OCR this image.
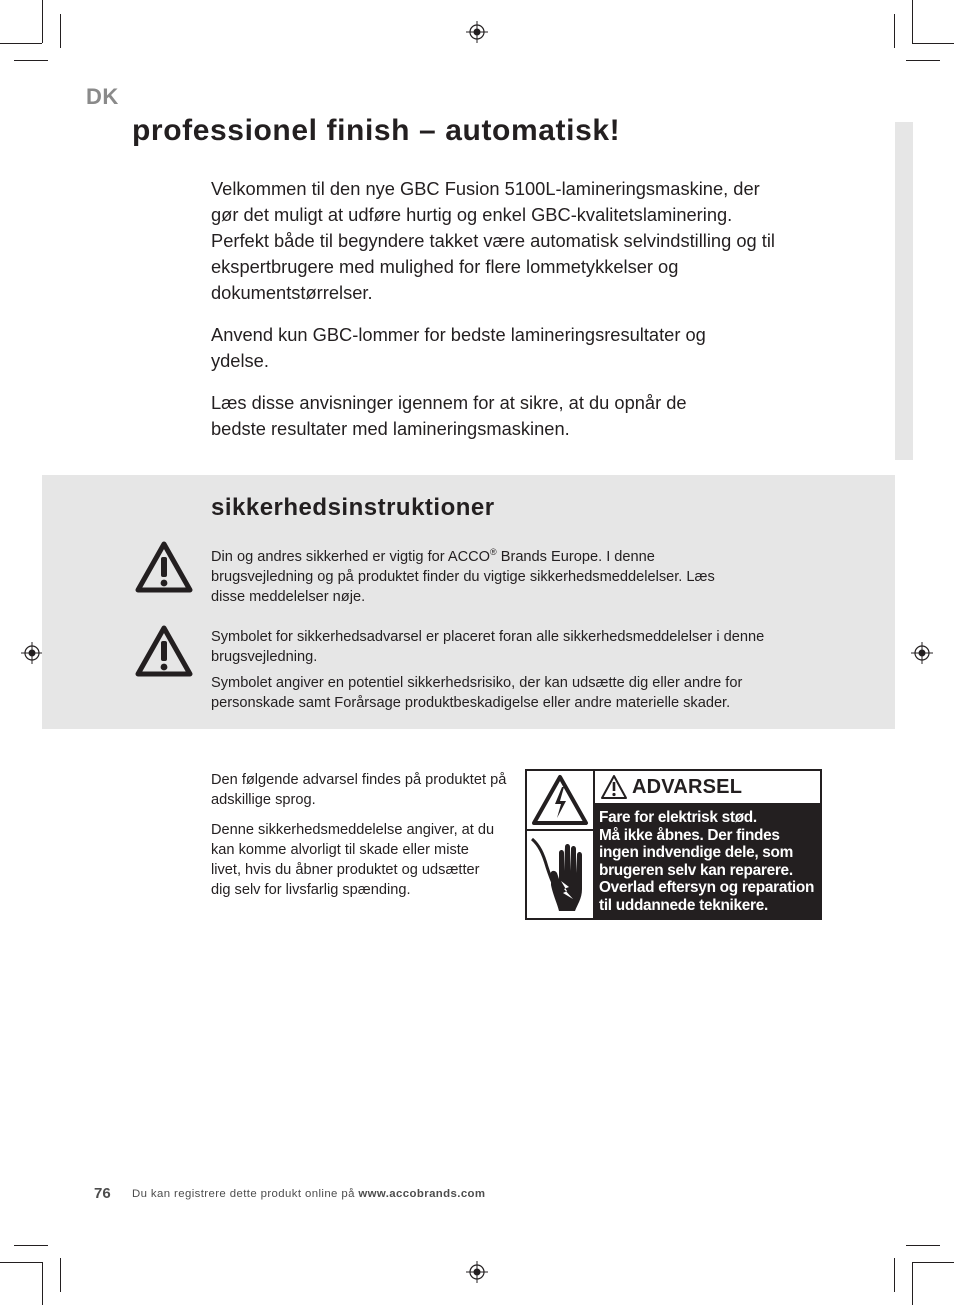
DK
professionel finish – automatisk!

Velkommen til den nye GBC Fusion 5100L-lamineringsmaskine, der gør det muligt at udføre hurtig og enkel GBC-kvalitetslaminering. Perfekt både til begyndere takket være automatisk selvindstilling og til ekspertbrugere med mulighed for flere lommetykkelser og dokumentstørrelser.

Anvend kun GBC-lommer for bedste lamineringsresultater og ydelse.

Læs disse anvisninger igennem for at sikre, at du opnår de bedste resultater med lamineringsmaskinen.

sikkerhedsinstruktioner

Din og andres sikkerhed er vigtig for ACCO® Brands Europe. I denne brugsvejledning og på produktet finder du vigtige sikkerhedsmeddelelser. Læs disse meddelelser nøje.

Symbolet for sikkerhedsadvarsel er placeret foran alle sikkerhedsmeddelelser i denne brugsvejledning.

Symbolet angiver en potentiel sikkerhedsrisiko, der kan udsætte dig eller andre for personskade samt Forårsage produktbeskadigelse eller andre materielle skader.

Den følgende advarsel findes på produktet på adskillige sprog.

Denne sikkerhedsmeddelelse angiver, at du kan komme alvorligt til skade eller miste livet, hvis du åbner produktet og udsætter dig selv for livsfarlig spænding.

ADVARSEL
Fare for elektrisk stød.
Må ikke åbnes. Der findes
ingen indvendige dele, som
brugeren selv kan reparere.
Overlad eftersyn og reparation
til uddannede teknikere.
76 Du kan registrere dette produkt online på www.accobrands.com
